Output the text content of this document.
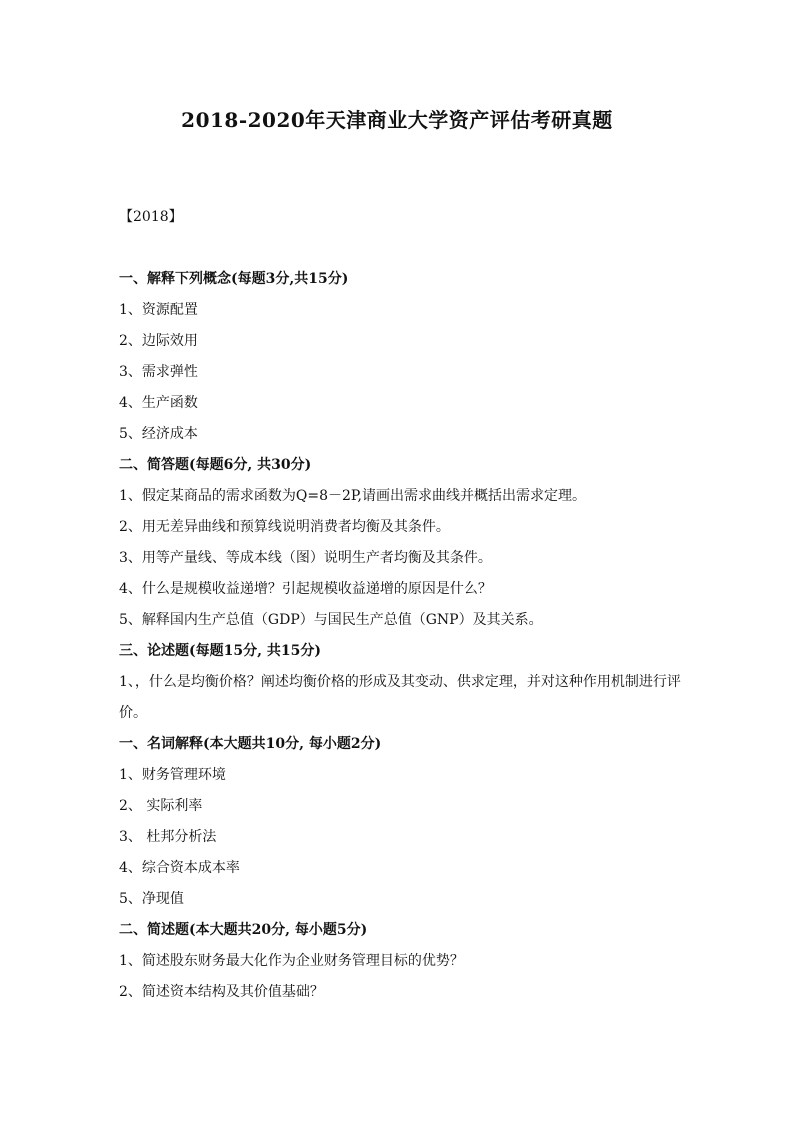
2018-2020年天津商业大学资产评估考研真题
【2018】
一、解释下列概念(每题3分,共15分)
1、资源配置
2、边际效用
3、需求弹性
4、生产函数
5、经济成本
二、简答题(每题6分, 共30分)
1、假定某商品的需求函数为Q=8－2P,请画出需求曲线并概括出需求定理。
2、用无差异曲线和预算线说明消费者均衡及其条件。
3、用等产量线、等成本线（图）说明生产者均衡及其条件。
4、什么是规模收益递增？引起规模收益递增的原因是什么？
5、解释国内生产总值（GDP）与国民生产总值（GNP）及其关系。
三、论述题(每题15分, 共15分)
1、，什么是均衡价格？阐述均衡价格的形成及其变动、供求定理，并对这种作用机制进行评价。
一、名词解释(本大题共10分, 每小题2分)
1、财务管理环境
2、 实际利率
3、 杜邦分析法
4、综合资本成本率
5、净现值
二、简述题(本大题共20分, 每小题5分)
1、简述股东财务最大化作为企业财务管理目标的优势？
2、简述资本结构及其价值基础？
